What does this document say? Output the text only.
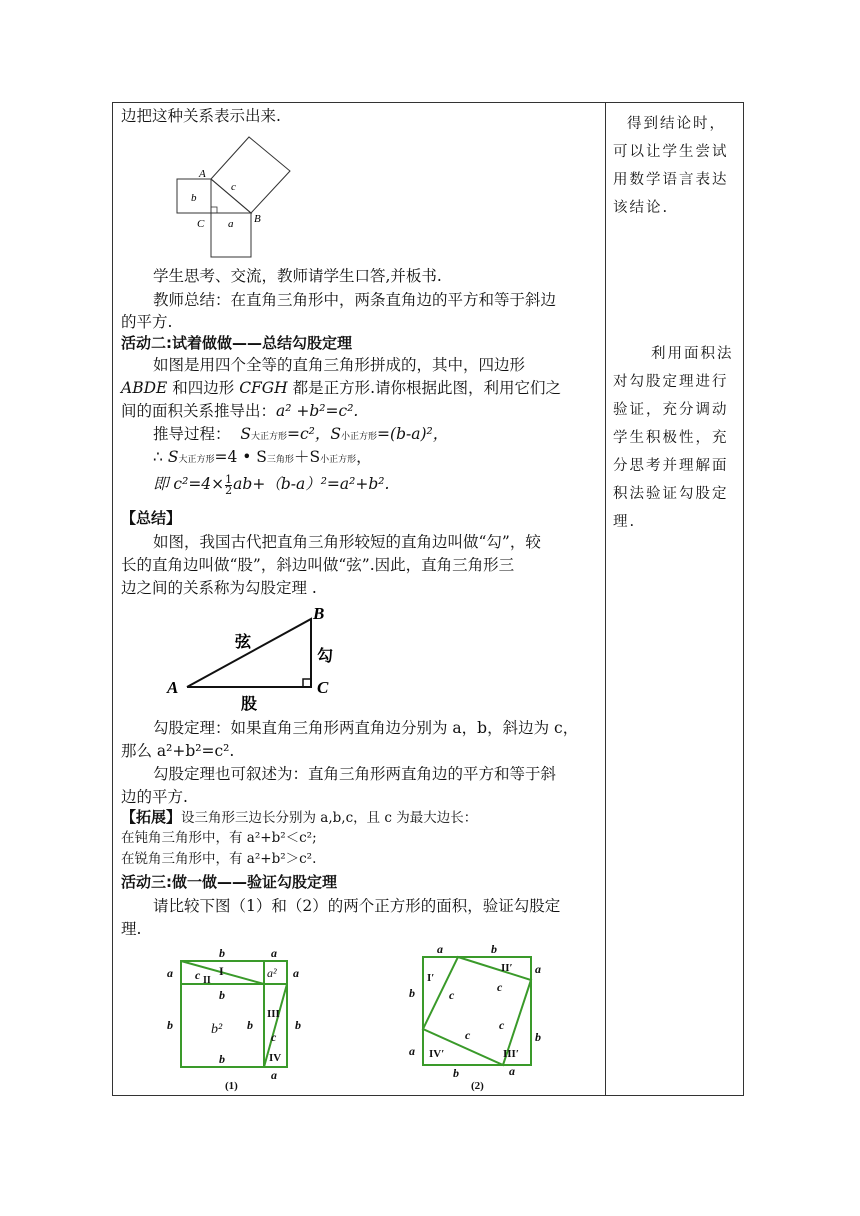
边把这种关系表示出来.
A
B
C a
b
c
学生思考、交流，教师请学生口答,并板书.
教师总结：在直角三角形中，两条直角边的平方和等于斜边
的平方.
活动二:试着做做——总结勾股定理
如图是用四个全等的直角三角形拼成的，其中，四边形
ABDE 和四边形 CFGH 都是正方形.请你根据此图，利用它们之
间的面积关系推导出：a² +b²=c².
推导过程： S大正方形=c²，S小正方形=(b-a)²，
∴ S大正方形=4 • S三角形＋S小正方形，
即 $c^2=4\times \frac{1}{2} ab+(b-a)^2=a^2+b^2$.
【总结】
如图，我国古代把直角三角形较短的直角边叫做“勾”，较
长的直角边叫做“股”，斜边叫做“弦”.因此，直角三角形三
边之间的关系称为勾股定理 .
A
B
C
弦
勾
股
勾股定理：如果直角三角形两直角边分别为 a，b，斜边为 c，
那么 a²+b²=c².
勾股定理也可叙述为：直角三角形两直角边的平方和等于斜
边的平方.
【拓展】设三角形三边长分别为 a,b,c，且 c 为最大边长：
在钝角三角形中，有 a²+b²＜c²;
在锐角三角形中，有 a²+b²＞c².
活动三:做一做——验证勾股定理
请比较下图（1）和（2）的两个正方形的面积，验证勾股定
理.
b	a
a	a
c
b
b	b	b
c
b
a
I
II
a²
III
b²
IV
(1)
a	b
b
a
c
c
c
c
b
a
b	a
I′
II′
IV′	III′
(2)
得到结论时，
可以让学生尝试
用数学语言表达
该结论.
利用面积法
对勾股定理进行
验证，充分调动
学生积极性，充
分思考并理解面
积法验证勾股定
理.
